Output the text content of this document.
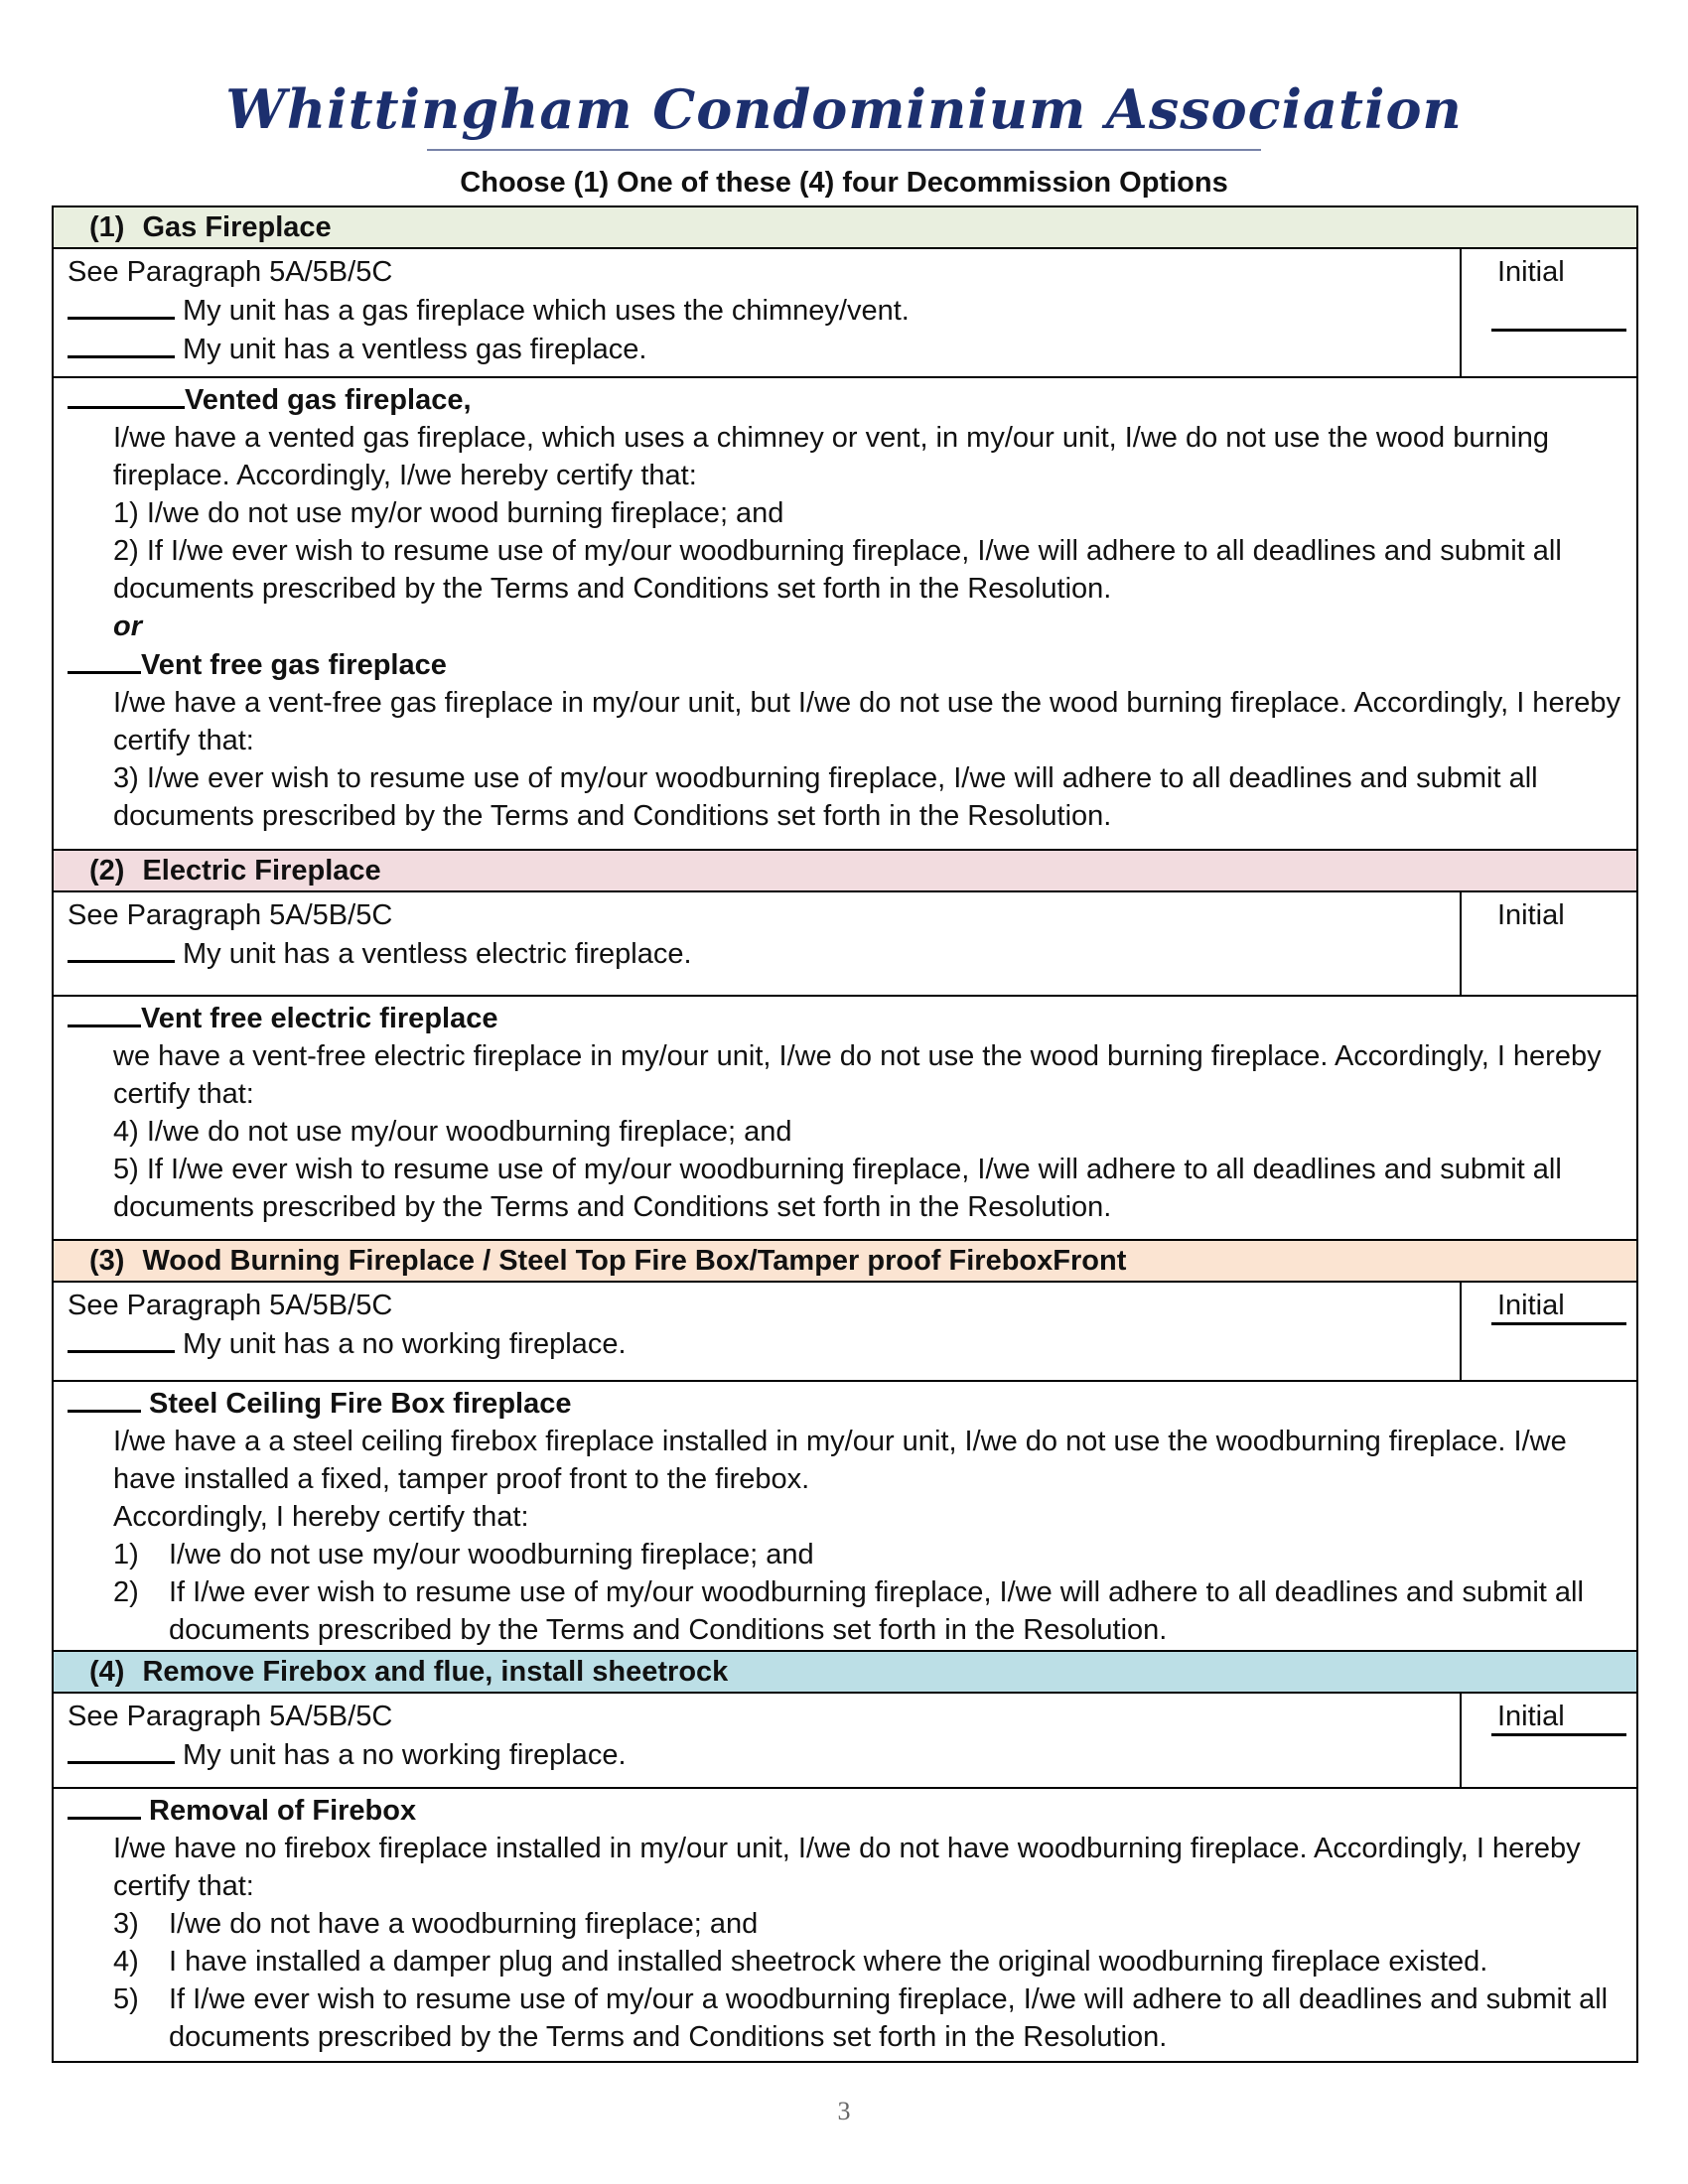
Whittingham Condominium Association
Choose (1) One of these (4) four Decommission Options
(1) Gas Fireplace
See Paragraph 5A/5B/5C
My unit has a gas fireplace which uses the chimney/vent.
My unit has a ventless gas fireplace.
Initial
Vented gas fireplace,
I/we have a vented gas fireplace, which uses a chimney or vent, in my/our unit, I/we do not use the wood burning fireplace. Accordingly, I/we hereby certify that:
1) I/we do not use my/or wood burning fireplace; and
2) If I/we ever wish to resume use of my/our woodburning fireplace, I/we will adhere to all deadlines and submit all documents prescribed by the Terms and Conditions set forth in the Resolution.
or
Vent free gas fireplace
I/we have a vent-free gas fireplace in my/our unit, but I/we do not use the wood burning fireplace. Accordingly, I hereby certify that:
3) I/we ever wish to resume use of my/our woodburning fireplace, I/we will adhere to all deadlines and submit all documents prescribed by the Terms and Conditions set forth in the Resolution.
(2) Electric Fireplace
See Paragraph 5A/5B/5C
My unit has a ventless electric fireplace.
Initial
Vent free electric fireplace
we have a vent-free electric fireplace in my/our unit, I/we do not use the wood burning fireplace. Accordingly, I hereby certify that:
4) I/we do not use my/our woodburning fireplace; and
5) If I/we ever wish to resume use of my/our woodburning fireplace, I/we will adhere to all deadlines and submit all documents prescribed by the Terms and Conditions set forth in the Resolution.
(3) Wood Burning Fireplace / Steel Top Fire Box/Tamper proof FireboxFront
See Paragraph 5A/5B/5C
My unit has a no working fireplace.
Initial
Steel Ceiling Fire Box fireplace
I/we have a a steel ceiling firebox fireplace installed in my/our unit, I/we do not use the woodburning fireplace. I/we have installed a fixed, tamper proof front to the firebox.
Accordingly, I hereby certify that:
1)	I/we do not use my/our woodburning fireplace; and
2)	If I/we ever wish to resume use of my/our woodburning fireplace, I/we will adhere to all deadlines and submit all documents prescribed by the Terms and Conditions set forth in the Resolution.
(4) Remove Firebox and flue, install sheetrock
See Paragraph 5A/5B/5C
My unit has a no working fireplace.
Initial
Removal of Firebox
I/we have no firebox fireplace installed in my/our unit, I/we do not have woodburning fireplace. Accordingly, I hereby certify that:
3)	I/we do not have a woodburning fireplace; and
4)	I have installed a damper plug and installed sheetrock where the original woodburning fireplace existed.
5)	If I/we ever wish to resume use of my/our a woodburning fireplace, I/we will adhere to all deadlines and submit all documents prescribed by the Terms and Conditions set forth in the Resolution.
3
